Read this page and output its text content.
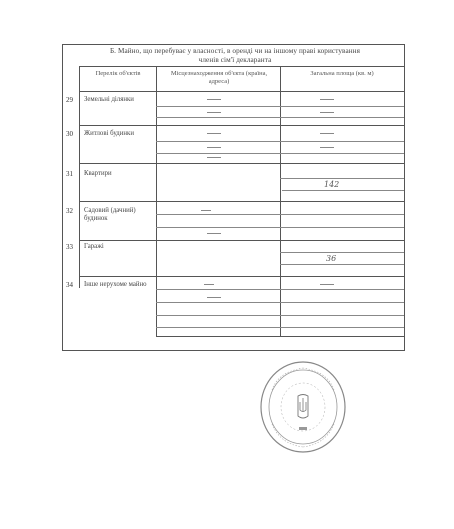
Б. Майно, що перебуває у власності, в оренді чи на іншому праві користування
членів сім'ї декларанта
Перелік об'єктів	Місцезнаходження об'єкта (країна, адреса)
Загальна площа (кв. м)
29 Земельні ділянки
30 Житлові будинки
31 Квартири
142
32 Садовий (дачний) будинок
33 Гаражі
36
34 Інше нерухоме майно
